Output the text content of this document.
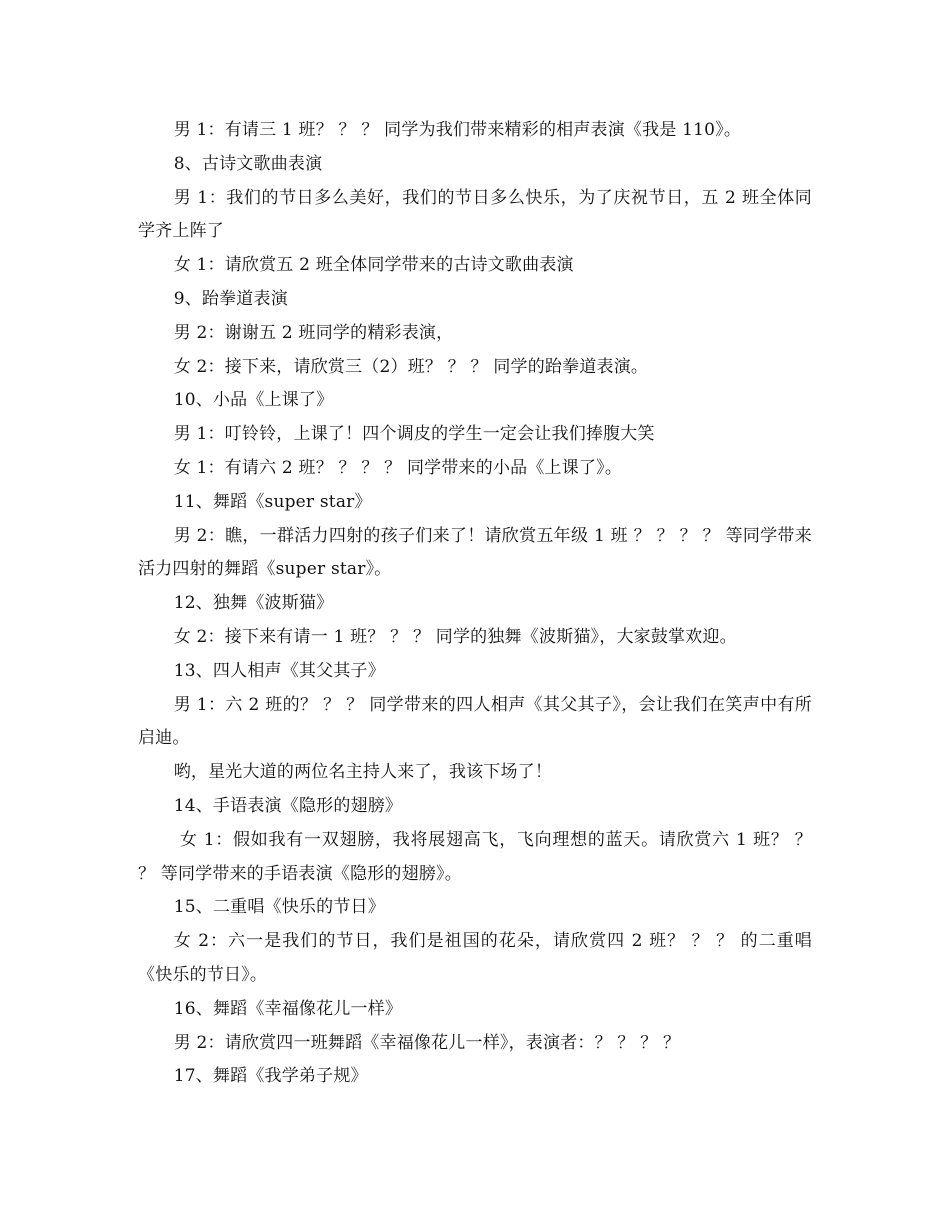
男 1：有请三 1 班？ ？ ？ 同学为我们带来精彩的相声表演《我是 110》。

8、古诗文歌曲表演

男 1：我们的节日多么美好，我们的节日多么快乐，为了庆祝节日，五 2 班全体同学齐上阵了

女 1：请欣赏五 2 班全体同学带来的古诗文歌曲表演

9、跆拳道表演

男 2：谢谢五 2 班同学的精彩表演，

女 2：接下来，请欣赏三（2）班？ ？ ？ 同学的跆拳道表演。

10、小品《上课了》

男 1：叮铃铃，上课了！四个调皮的学生一定会让我们捧腹大笑

女 1：有请六 2 班？ ？ ？ ？ 同学带来的小品《上课了》。

11、舞蹈《super star》

男 2：瞧，一群活力四射的孩子们来了！请欣赏五年级 1 班 ？ ？ ？ ？ 等同学带来活力四射的舞蹈《super star》。

12、独舞《波斯猫》

女 2：接下来有请一 1 班？ ？ ？ 同学的独舞《波斯猫》，大家鼓掌欢迎。

13、四人相声《其父其子》

男 1：六 2 班的？ ？ ？ 同学带来的四人相声《其父其子》，会让我们在笑声中有所启迪。

哟，星光大道的两位名主持人来了，我该下场了！

14、手语表演《隐形的翅膀》

女 1：假如我有一双翅膀，我将展翅高飞，飞向理想的蓝天。请欣赏六 1 班？ ？ ？ 等同学带来的手语表演《隐形的翅膀》。

15、二重唱《快乐的节日》

女 2：六一是我们的节日，我们是祖国的花朵，请欣赏四 2 班？ ？ ？ 的二重唱《快乐的节日》。

16、舞蹈《幸福像花儿一样》

男 2：请欣赏四一班舞蹈《幸福像花儿一样》，表演者：？ ？ ？ ？

17、舞蹈《我学弟子规》
